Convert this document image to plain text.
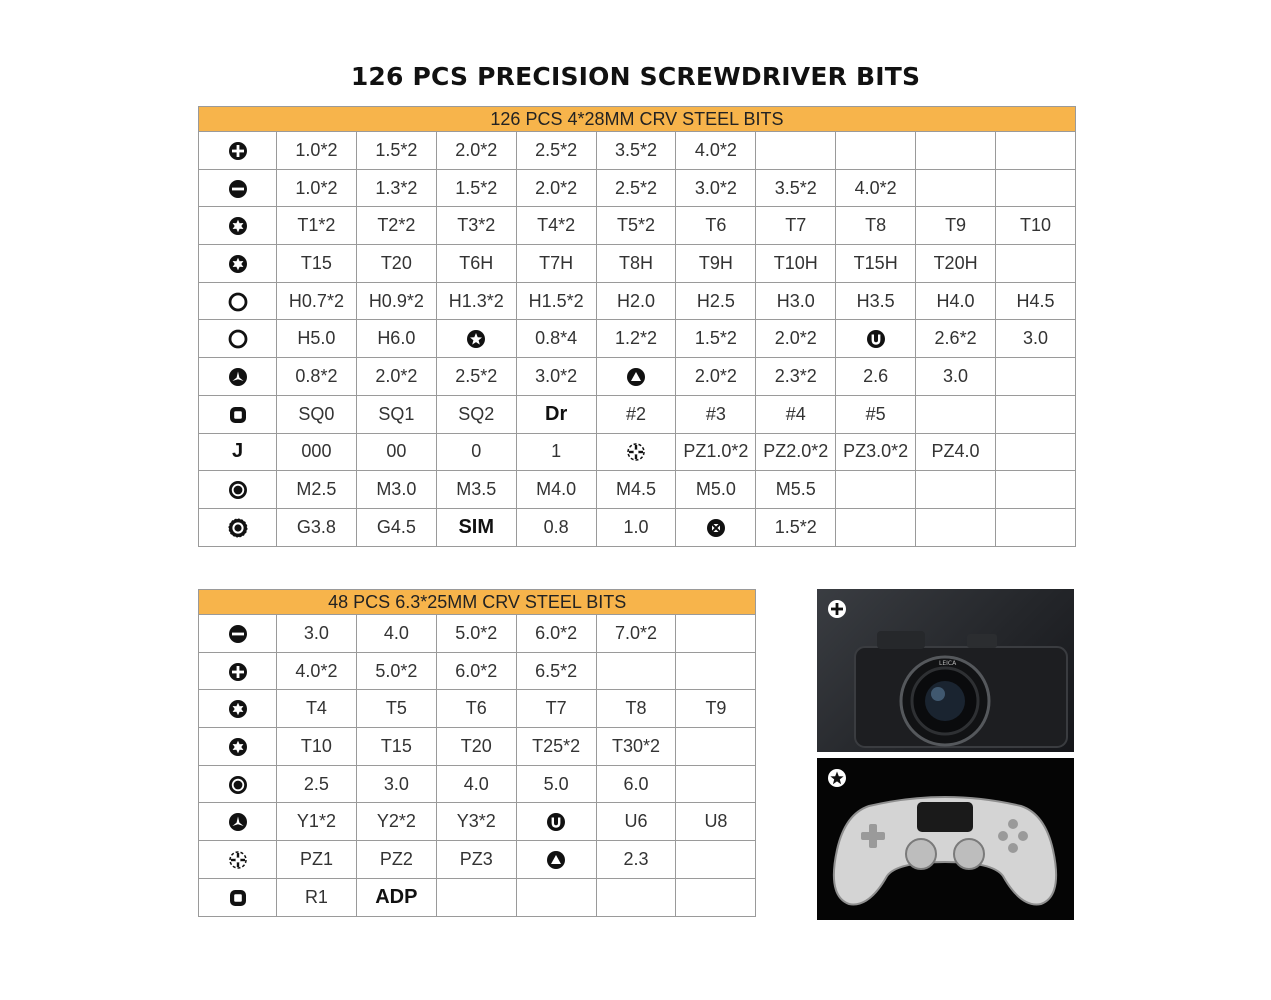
126 PCS PRECISION SCREWDRIVER BITS
126 PCS 4*28MM CRV STEEL BITS										

	1.0*2	1.5*2	2.0*2	2.5*2	3.5*2	4.0*2				

	1.0*2	1.3*2	1.5*2	2.0*2	2.5*2	3.0*2	3.5*2	4.0*2		

	T1*2	T2*2	T3*2	T4*2	T5*2	T6	T7	T8	T9	T10

	T15	T20	T6H	T7H	T8H	T9H	T10H	T15H	T20H	

	H0.7*2	H0.9*2	H1.3*2	H1.5*2	H2.0	H2.5	H3.0	H3.5	H4.0	H4.5

	H5.0	H6.0		0.8*4	1.2*2	1.5*2	2.0*2		2.6*2	3.0

	0.8*2	2.0*2	2.5*2	3.0*2		2.0*2	2.3*2	2.6	3.0	

	SQ0	SQ1	SQ2	Dr	#2	#3	#4	#5		
J	000	00	0	1		PZ1.0*2	PZ2.0*2	PZ3.0*2	PZ4.0	

	M2.5	M3.0	M3.5	M4.0	M4.5	M5.0	M5.5			

	G3.8	G4.5	SIM	0.8	1.0		1.5*2			
48 PCS 6.3*25MM CRV STEEL BITS						

	3.0	4.0	5.0*2	6.0*2	7.0*2	

	4.0*2	5.0*2	6.0*2	6.5*2		

	T4	T5	T6	T7	T8	T9

	T10	T15	T20	T25*2	T30*2	

	2.5	3.0	4.0	5.0	6.0	

	Y1*2	Y2*2	Y3*2		U6	U8

	PZ1	PZ2	PZ3		2.3	

	R1	ADP				
LEICA
